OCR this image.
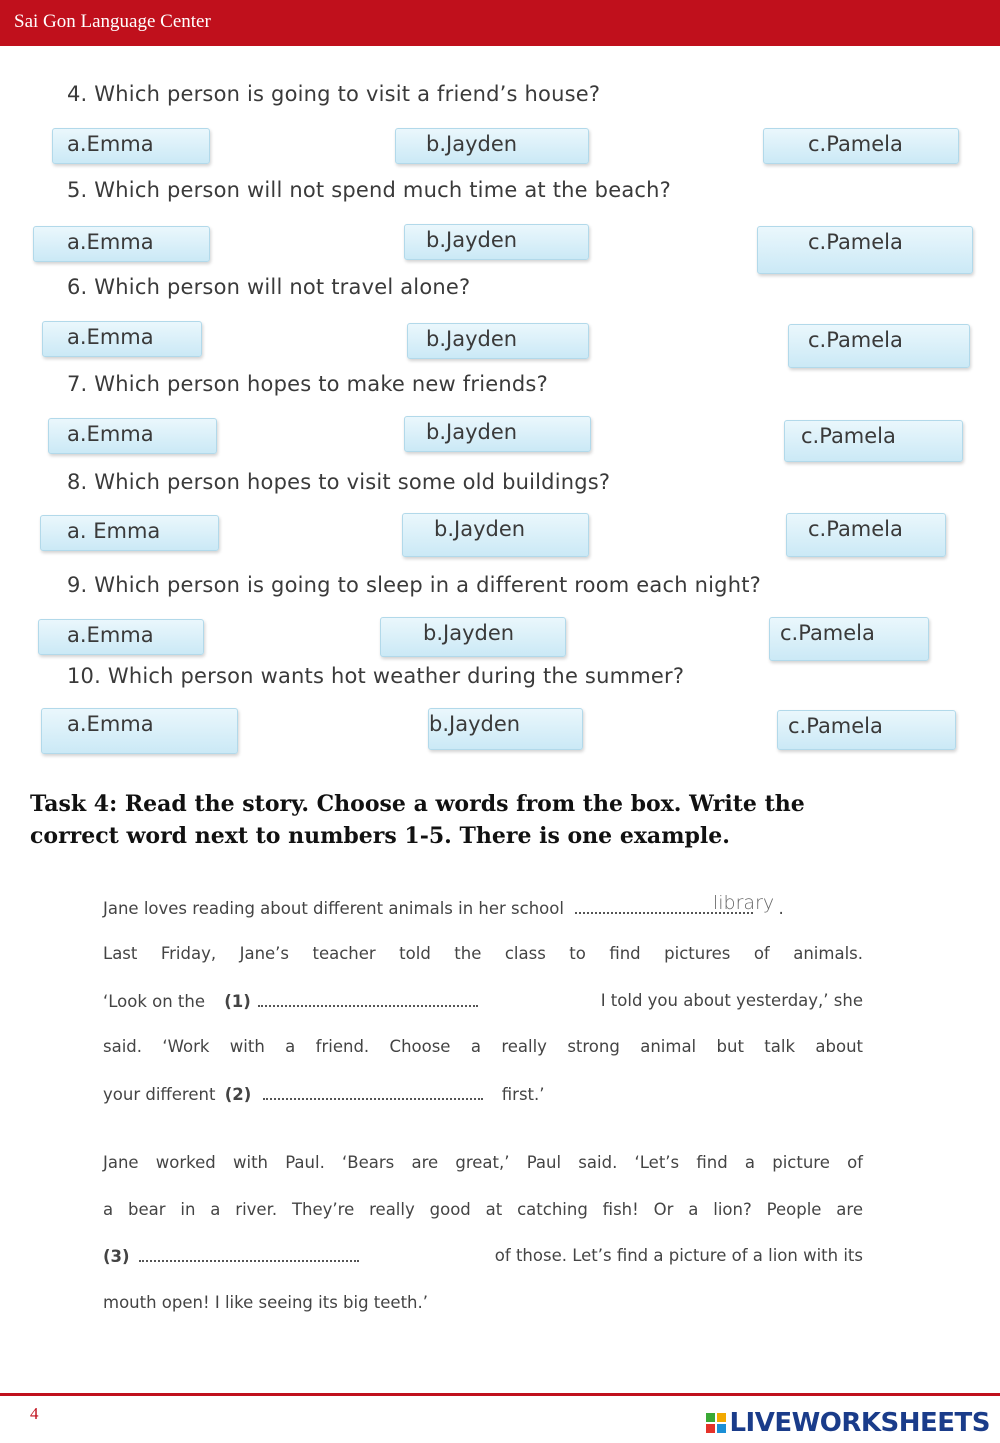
Sai Gon Language Center
4. Which person is going to visit a friend’s house?
a.Emma	b.Jayden	c.Pamela
5. Which person will not spend much time at the beach?
a.Emma	b.Jayden	c.Pamela
6. Which person will not travel alone?
a.Emma	b.Jayden	c.Pamela
7. Which person hopes to make new friends?
a.Emma	b.Jayden	c.Pamela
8. Which person hopes to visit some old buildings?
a. Emma	b.Jayden	c.Pamela
9. Which person is going to sleep in a different room each night?
a.Emma	b.Jayden	c.Pamela
10. Which person wants hot weather during the summer?
a.Emma	b.Jayden	c.Pamela
Task 4: Read the story. Choose a words from the box. Write the
correct word next to numbers 1-5. There is one example.
Jane loves reading about different animals in her school	.
library
Last Friday, Jane’s teacher told the class to find pictures of animals.
‘Look on the (1)	I told you about yesterday,’ she
said. ‘Work with a friend. Choose a really strong animal but talk about
your different (2)	first.’
Jane worked with Paul. ‘Bears are great,’ Paul said. ‘Let’s find a picture of
a bear in a river. They’re really good at catching fish! Or a lion? People are
(3)	of those. Let’s find a picture of a lion with its
mouth open! I like seeing its big teeth.’
4	LIVEWORKSHEETS
